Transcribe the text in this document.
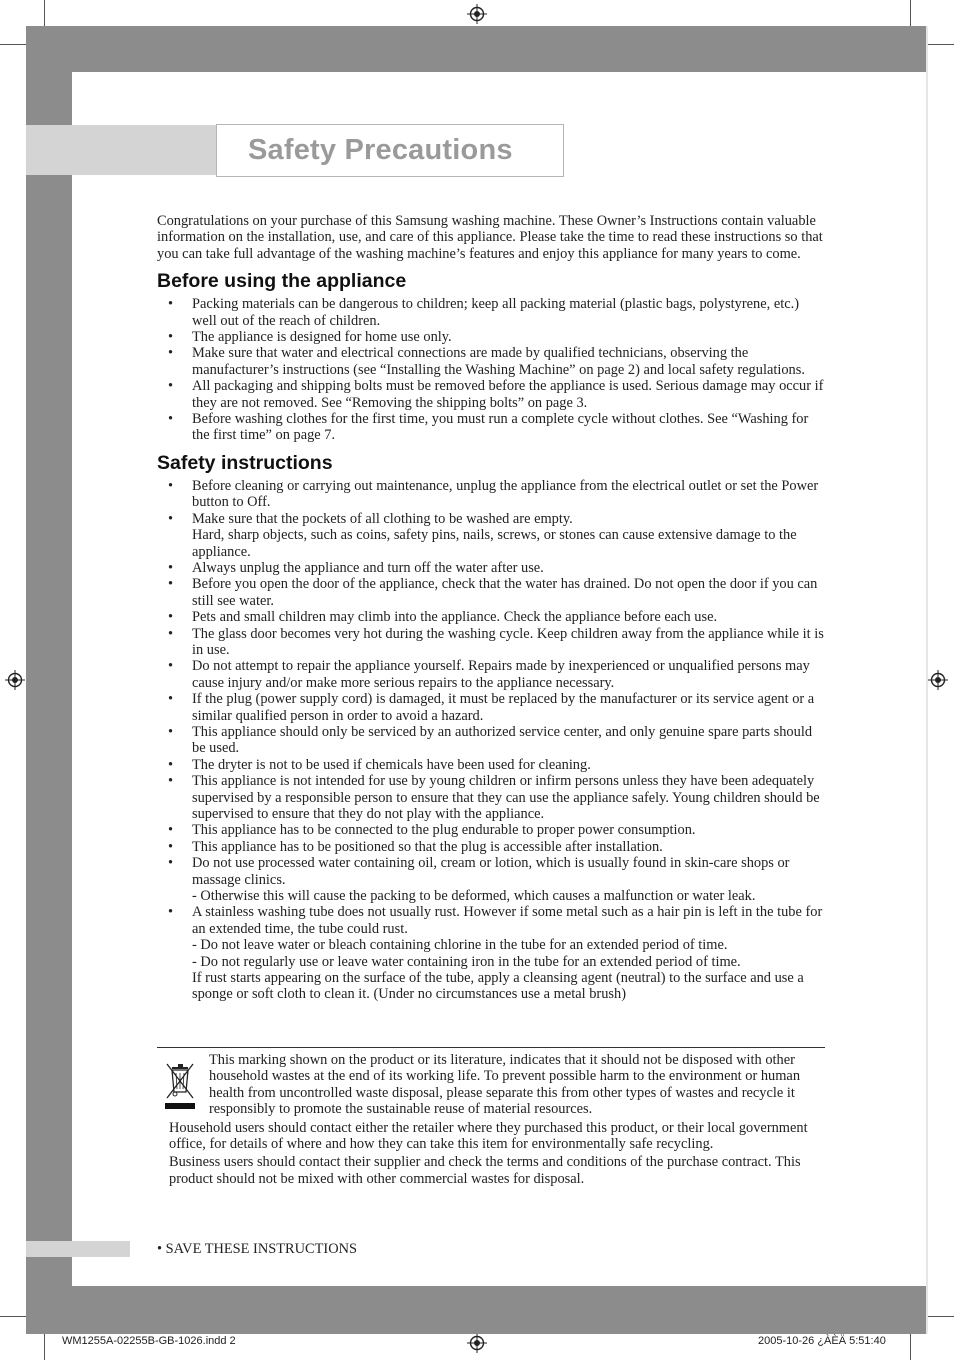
Safety Precautions

Congratulations on your purchase of this Samsung washing machine. These Owner’s Instructions contain valuable information on the installation, use, and care of this appliance. Please take the time to read these instructions so that you can take full advantage of the washing machine’s features and enjoy this appliance for many years to come.

Before using the appliance
• Packing materials can be dangerous to children; keep all packing material (plastic bags, polystyrene, etc.) well out of the reach of children.
• The appliance is designed for home use only.
• Make sure that water and electrical connections are made by qualified technicians, observing the manufacturer’s instructions (see “Installing the Washing Machine” on page 2) and local safety regulations.
• All packaging and shipping bolts must be removed before the appliance is used. Serious damage may occur if they are not removed. See “Removing the shipping bolts” on page 3.
• Before washing clothes for the first time, you must run a complete cycle without clothes. See “Washing for the first time” on page 7.
Safety instructions
• Before cleaning or carrying out maintenance, unplug the appliance from the electrical outlet or set the Power button to Off.
• Make sure that the pockets of all clothing to be washed are empty.
Hard, sharp objects, such as coins, safety pins, nails, screws, or stones can cause extensive damage to the appliance.
• Always unplug the appliance and turn off the water after use.
• Before you open the door of the appliance, check that the water has drained. Do not open the door if you can still see water.
• Pets and small children may climb into the appliance. Check the appliance before each use.
• The glass door becomes very hot during the washing cycle. Keep children away from the appliance while it is in use.
• Do not attempt to repair the appliance yourself. Repairs made by inexperienced or unqualified persons may cause injury and/or make more serious repairs to the appliance necessary.
• If the plug (power supply cord) is damaged, it must be replaced by the manufacturer or its service agent or a similar qualified person in order to avoid a hazard.
• This appliance should only be serviced by an authorized service center, and only genuine spare parts should be used.
• The dryter is not to be used if chemicals have been used for cleaning.
• This appliance is not intended for use by young children or infirm persons unless they have been adequately supervised by a responsible person to ensure that they can use the appliance safely. Young children should be supervised to ensure that they do not play with the appliance.
• This appliance has to be connected to the plug endurable to proper power consumption.
• This appliance has to be positioned so that the plug is accessible after installation.
• Do not use processed water containing oil, cream or lotion, which is usually found in skin-care shops or massage clinics.
- Otherwise this will cause the packing to be deformed, which causes a malfunction or water leak.
• A stainless washing tube does not usually rust. However if some metal such as a hair pin is left in the tube for an extended time, the tube could rust.
- Do not leave water or bleach containing chlorine in the tube for an extended period of time.
- Do not regularly use or leave water containing iron in the tube for an extended period of time.
If rust starts appearing on the surface of the tube, apply a cleansing agent (neutral) to the surface and use a sponge or soft cloth to clean it. (Under no circumstances use a metal brush)

This marking shown on the product or its literature, indicates that it should not be disposed with other household wastes at the end of its working life. To prevent possible harm to the environment or human health from uncontrolled waste disposal, please separate this from other types of wastes and recycle it responsibly to promote the sustainable reuse of material resources.

Household users should contact either the retailer where they purchased this product, or their local government office, for details of where and how they can take this item for environmentally safe recycling.

Business users should contact their supplier and check the terms and conditions of the purchase contract. This product should not be mixed with other commercial wastes for disposal.

• SAVE THESE INSTRUCTIONS
WM1255A-02255B-GB-1026.indd 2	2005-10-26 ¿ÀÈÄ 5:51:40
